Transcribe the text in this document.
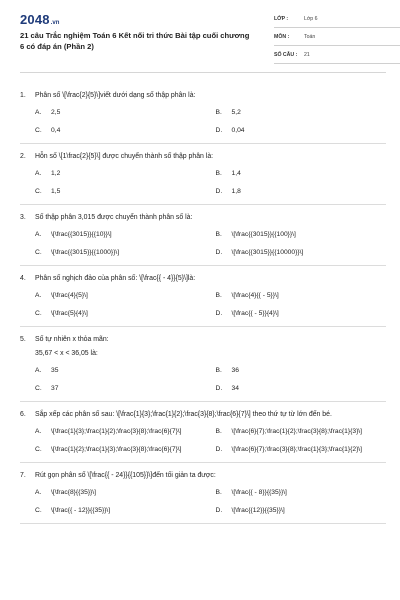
2048 .vn
21 câu Trắc nghiệm Toán 6 Kết nối tri thức Bài tập cuối chương 6 có đáp án (Phần 2)
LỚP :	Lớp 6
MÔN :	Toán
SỐ CÂU :	21
1.	Phân số \[\frac{2}{5}\]viết dưới dạng số thập phân là:
A.	2,5	B.	5,2
C.	0,4	D.	0,04
2.	Hỗn số \[1\frac{2}{5}\] được chuyển thành số thập phân là:
A.	1,2	B.	1,4
C.	1,5	D.	1,8
3.	Số thập phân 3,015 được chuyển thành phân số là:
A.	\[\frac{{3015}}{{10}}\]	B.	\[\frac{{3015}}{{100}}\]
C.	\[\frac{{3015}}{{1000}}\]	D.	\[\frac{{3015}}{{10000}}\]
4.	Phân số nghịch đảo của phân số: \[\frac{{ - 4}}{5}\]là:
A.	\[\frac{4}{5}\]	B.	\[\frac{4}{{ - 5}}\]
C.	\[\frac{5}{4}\]	D.	\[\frac{{ - 5}}{4}\]
5.	Số tự nhiên x thỏa mãn:
35,67 < x < 36,05 là:
A.	35	B.	36
C.	37	D.	34
6.	Sắp xếp các phân số sau: \[\frac{1}{3};\frac{1}{2};\frac{3}{8};\frac{6}{7}\] theo thứ tự từ lớn đến bé.
A.	\[\frac{1}{3};\frac{1}{2};\frac{3}{8};\frac{6}{7}\]	B.	\[\frac{6}{7};\frac{1}{2};\frac{3}{8};\frac{1}{3}\]
C.	\[\frac{1}{2};\frac{1}{3};\frac{3}{8};\frac{6}{7}\]	D.	\[\frac{6}{7};\frac{3}{8};\frac{1}{3};\frac{1}{2}\]
7.	Rút gọn phân số \[\frac{{ - 24}}{{105}}\]đến tối giản ta được:
A.	\[\frac{8}{{35}}\]	B.	\[\frac{{ - 8}}{{35}}\]
C.	\[\frac{{ - 12}}{{35}}\]	D.	\[\frac{{12}}{{35}}\]
